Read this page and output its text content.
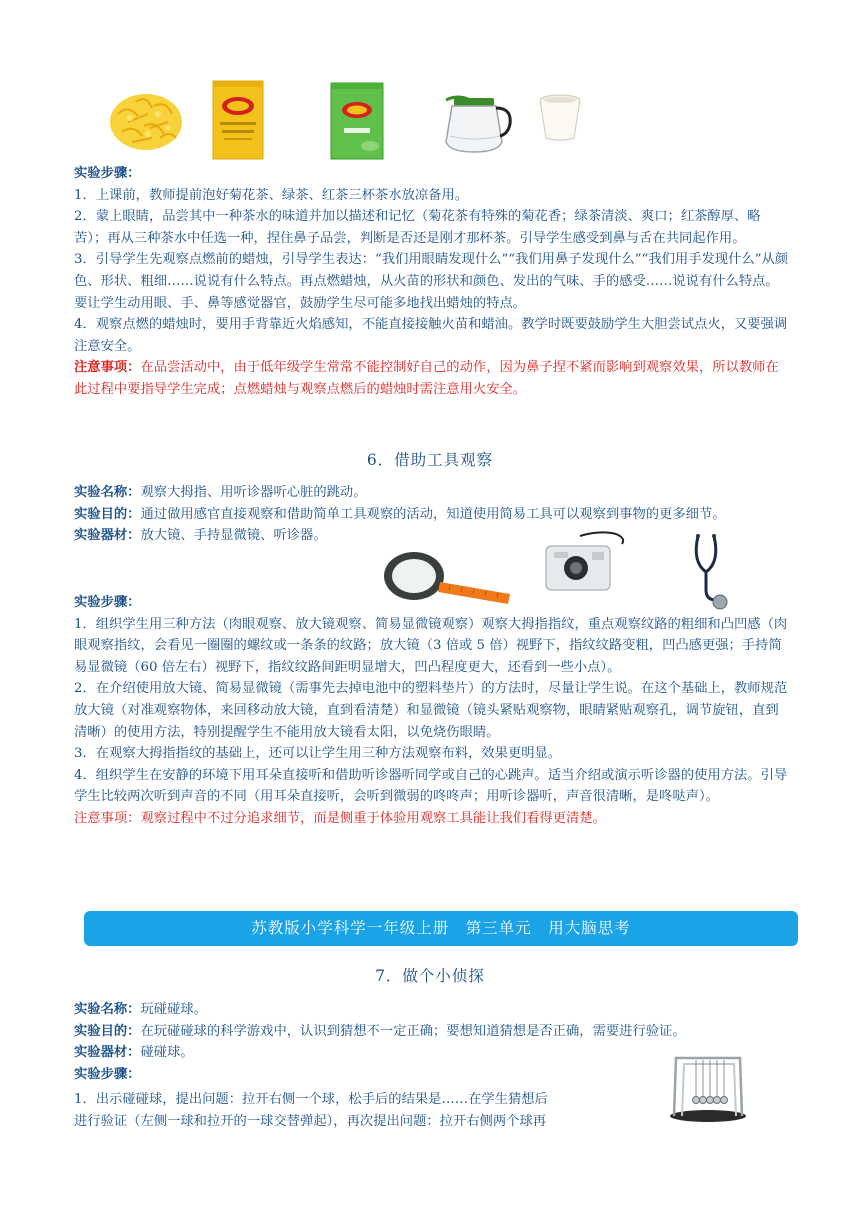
实验步骤：

1．上课前，教师提前泡好菊花茶、绿茶、红茶三杯茶水放凉备用。

2．蒙上眼睛，品尝其中一种茶水的味道并加以描述和记忆（菊花茶有特殊的菊花香；绿茶清淡、爽口；红茶醇厚、略苦）；再从三种茶水中任选一种，捏住鼻子品尝，判断是否还是刚才那杯茶。引导学生感受到鼻与舌在共同起作用。

3．引导学生先观察点燃前的蜡烛，引导学生表达：“我们用眼睛发现什么”“我们用鼻子发现什么”“我们用手发现什么”从颜色、形状、粗细……说说有什么特点。再点燃蜡烛，从火苗的形状和颜色、发出的气味、手的感受……说说有什么特点。要让学生动用眼、手、鼻等感觉器官，鼓励学生尽可能多地找出蜡烛的特点。

4．观察点燃的蜡烛时，要用手背靠近火焰感知，不能直接接触火苗和蜡油。教学时既要鼓励学生大胆尝试点火，又要强调注意安全。

注意事项：在品尝活动中，由于低年级学生常常不能控制好自己的动作，因为鼻子捏不紧而影响到观察效果，所以教师在此过程中要指导学生完成；点燃蜡烛与观察点燃后的蜡烛时需注意用火安全。

6．借助工具观察

实验名称：观察大拇指、用听诊器听心脏的跳动。

实验目的：通过做用感官直接观察和借助简单工具观察的活动，知道使用简易工具可以观察到事物的更多细节。

实验器材：放大镜、手持显微镜、听诊器。

实验步骤：

1．组织学生用三种方法（肉眼观察、放大镜观察、简易显微镜观察）观察大拇指指纹，重点观察纹路的粗细和凸凹感（肉眼观察指纹，会看见一圈圈的螺纹或一条条的纹路；放大镜（3 倍或 5 倍）视野下，指纹纹路变粗，凹凸感更强；手持简易显微镜（60 倍左右）视野下，指纹纹路间距明显增大，凹凸程度更大，还看到一些小点）。

2．在介绍使用放大镜、简易显微镜（需事先去掉电池中的塑料垫片）的方法时，尽量让学生说。在这个基础上，教师规范放大镜（对准观察物体，来回移动放大镜，直到看清楚）和显微镜（镜头紧贴观察物，眼睛紧贴观察孔，调节旋钮，直到清晰）的使用方法，特别提醒学生不能用放大镜看太阳，以免烧伤眼睛。

3．在观察大拇指指纹的基础上，还可以让学生用三种方法观察布料，效果更明显。

4．组织学生在安静的环境下用耳朵直接听和借助听诊器听同学或自己的心跳声。适当介绍或演示听诊器的使用方法。引导学生比较两次听到声音的不同（用耳朵直接听，会听到微弱的咚咚声；用听诊器听，声音很清晰，是咚哒声）。

注意事项：观察过程中不过分追求细节，而是侧重于体验用观察工具能让我们看得更清楚。

苏教版小学科学一年级上册　第三单元　用大脑思考
7．做个小侦探

实验名称：玩碰碰球。

实验目的：在玩碰碰球的科学游戏中，认识到猜想不一定正确；要想知道猜想是否正确，需要进行验证。

实验器材：碰碰球。

实验步骤：

1．出示碰碰球，提出问题：拉开右侧一个球，松手后的结果是……在学生猜想后

进行验证（左侧一球和拉开的一球交替弹起），再次提出问题：拉开右侧两个球再
